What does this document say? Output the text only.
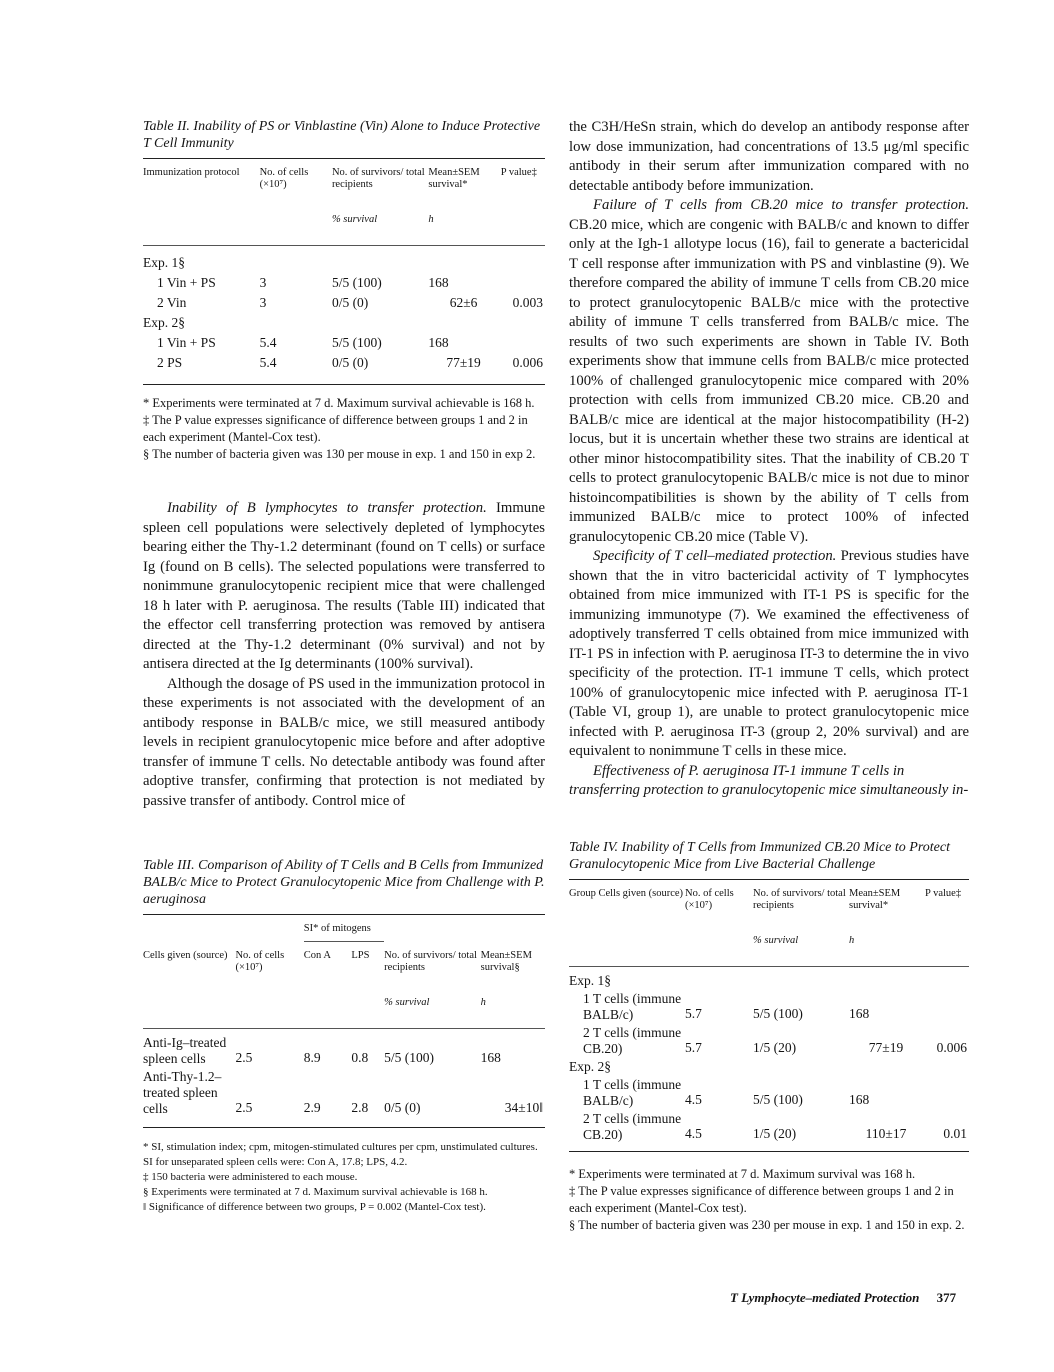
Table II. Inability of PS or Vinblastine (Vin) Alone to Induce Protective T Cell Immunity

Immunization protocol	No. of cells (×10⁷)	No. of survivors/ total recipients	Mean±SEM survival*	P value‡
		% survival	h	
Exp. 1§				
1 Vin + PS	3	5/5 (100)	168	
2 Vin	3	0/5 (0)	62±6	0.003
Exp. 2§				
1 Vin + PS	5.4	5/5 (100)	168	
2 PS	5.4	0/5 (0)	77±19	0.006

* Experiments were terminated at 7 d. Maximum survival achievable is 168 h.

‡ The P value expresses significance of difference between groups 1 and 2 in each experiment (Mantel-Cox test).

§ The number of bacteria given was 130 per mouse in exp. 1 and 150 in exp 2.

Inability of B lymphocytes to transfer protection. Immune spleen cell populations were selectively depleted of lymphocytes bearing either the Thy-1.2 determinant (found on T cells) or surface Ig (found on B cells). The selected populations were transferred to nonimmune granulocytopenic recipient mice that were challenged 18 h later with P. aeruginosa. The results (Table III) indicated that the effector cell transferring protection was removed by antisera directed at the Thy-1.2 determinant (0% survival) and not by antisera directed at the Ig determinants (100% survival).

Although the dosage of PS used in the immunization protocol in these experiments is not associated with the development of an antibody response in BALB/c mice, we still measured antibody levels in recipient granulocytopenic mice before and after adoptive transfer of immune T cells. No detectable antibody was found after adoptive transfer, confirming that protection is not mediated by passive transfer of antibody. Control mice of

Table III. Comparison of Ability of T Cells and B Cells from Immunized BALB/c Mice to Protect Granulocytopenic Mice from Challenge with P. aeruginosa

		SI* of mitogens			
Cells given (source)	No. of cells (×10⁷)	Con A	LPS	No. of survivors/ total recipients	Mean±SEM survival§
				% survival	h
Anti-Ig–treated spleen cells	2.5	8.9	0.8	5/5 (100)	168
Anti-Thy-1.2–treated spleen cells	2.5	2.9	2.8	0/5 (0)	34±10‖

* SI, stimulation index; cpm, mitogen-stimulated cultures per cpm, unstimulated cultures. SI for unseparated spleen cells were: Con A, 17.8; LPS, 4.2.

‡ 150 bacteria were administered to each mouse.

§ Experiments were terminated at 7 d. Maximum survival achievable is 168 h.

‖ Significance of difference between two groups, P = 0.002 (Mantel-Cox test).

the C3H/HeSn strain, which do develop an antibody response after low dose immunization, had concentrations of 13.5 μg/ml specific antibody in their serum after immunization compared with no detectable antibody before immunization.

Failure of T cells from CB.20 mice to transfer protection. CB.20 mice, which are congenic with BALB/c and known to differ only at the Igh-1 allotype locus (16), fail to generate a bactericidal T cell response after immunization with PS and vinblastine (9). We therefore compared the ability of immune T cells from CB.20 mice to protect granulocytopenic BALB/c mice with the protective ability of immune T cells transferred from BALB/c mice. The results of two such experiments are shown in Table IV. Both experiments show that immune cells from BALB/c mice protected 100% of challenged granulocytopenic mice compared with 20% protection with cells from immunized CB.20 mice. CB.20 and BALB/c mice are identical at the major histocompatibility (H-2) locus, but it is uncertain whether these two strains are identical at other minor histocompatibility sites. That the inability of CB.20 T cells to protect granulocytopenic BALB/c mice is not due to minor histoincompatibilities is shown by the ability of T cells from immunized BALB/c mice to protect 100% of infected granulocytopenic CB.20 mice (Table V).

Specificity of T cell–mediated protection. Previous studies have shown that the in vitro bactericidal activity of T lymphocytes obtained from mice immunized with IT-1 PS is specific for the immunizing immunotype (7). We examined the effectiveness of adoptively transferred T cells obtained from mice immunized with IT-1 PS in infection with P. aeruginosa IT-3 to determine the in vivo specificity of the protection. IT-1 immune T cells, which protect 100% of granulocytopenic mice infected with P. aeruginosa IT-1 (Table VI, group 1), are unable to protect granulocytopenic mice infected with P. aeruginosa IT-3 (group 2, 20% survival) and are equivalent to nonimmune T cells in these mice.

Effectiveness of P. aeruginosa IT-1 immune T cells in transferring protection to granulocytopenic mice simultaneously in-

Table IV. Inability of T Cells from Immunized CB.20 Mice to Protect Granulocytopenic Mice from Live Bacterial Challenge

Group Cells given (source)	No. of cells (×10⁷)	No. of survivors/ total recipients	Mean±SEM survival*	P value‡
		% survival	h	
Exp. 1§				
1 T cells (immune BALB/c)	5.7	5/5 (100)	168	
2 T cells (immune CB.20)	5.7	1/5 (20)	77±19	0.006
Exp. 2§				
1 T cells (immune BALB/c)	4.5	5/5 (100)	168	
2 T cells (immune CB.20)	4.5	1/5 (20)	110±17	0.01

* Experiments were terminated at 7 d. Maximum survival was 168 h.

‡ The P value expresses significance of difference between groups 1 and 2 in each experiment (Mantel-Cox test).

§ The number of bacteria given was 230 per mouse in exp. 1 and 150 in exp. 2.

T Lymphocyte–mediated Protection 377
